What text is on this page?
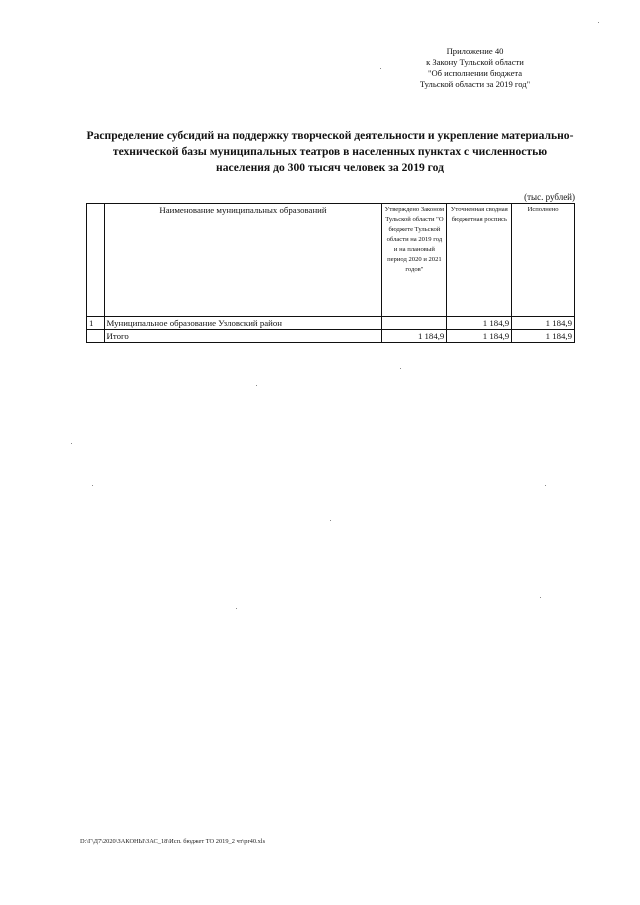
Приложение 40
к Закону Тульской области
"Об исполнении бюджета
Тульской области за 2019 год"
Распределение субсидий на поддержку творческой деятельности и укрепление материально-
технической базы муниципальных театров в населенных пунктах с численностью
населения до 300 тысяч человек за 2019 год
(тыс. рублей)
	Наименование муниципальных образований	Утверждено Законом Тульской области "О бюджете Тульской области на 2019 год и на плановый период 2020 и 2021 годов"	Уточненная сводная бюджетная роспись	Исполнено
1	Муниципальное образование Узловский район		1 184,9	1 184,9
	Итого	1 184,9	1 184,9	1 184,9
D:\Г\Д7\2020\ЗАКОНЫ\ЗАС_18\Исп. бюджет ТО 2019_2 чт\pr40.xls
